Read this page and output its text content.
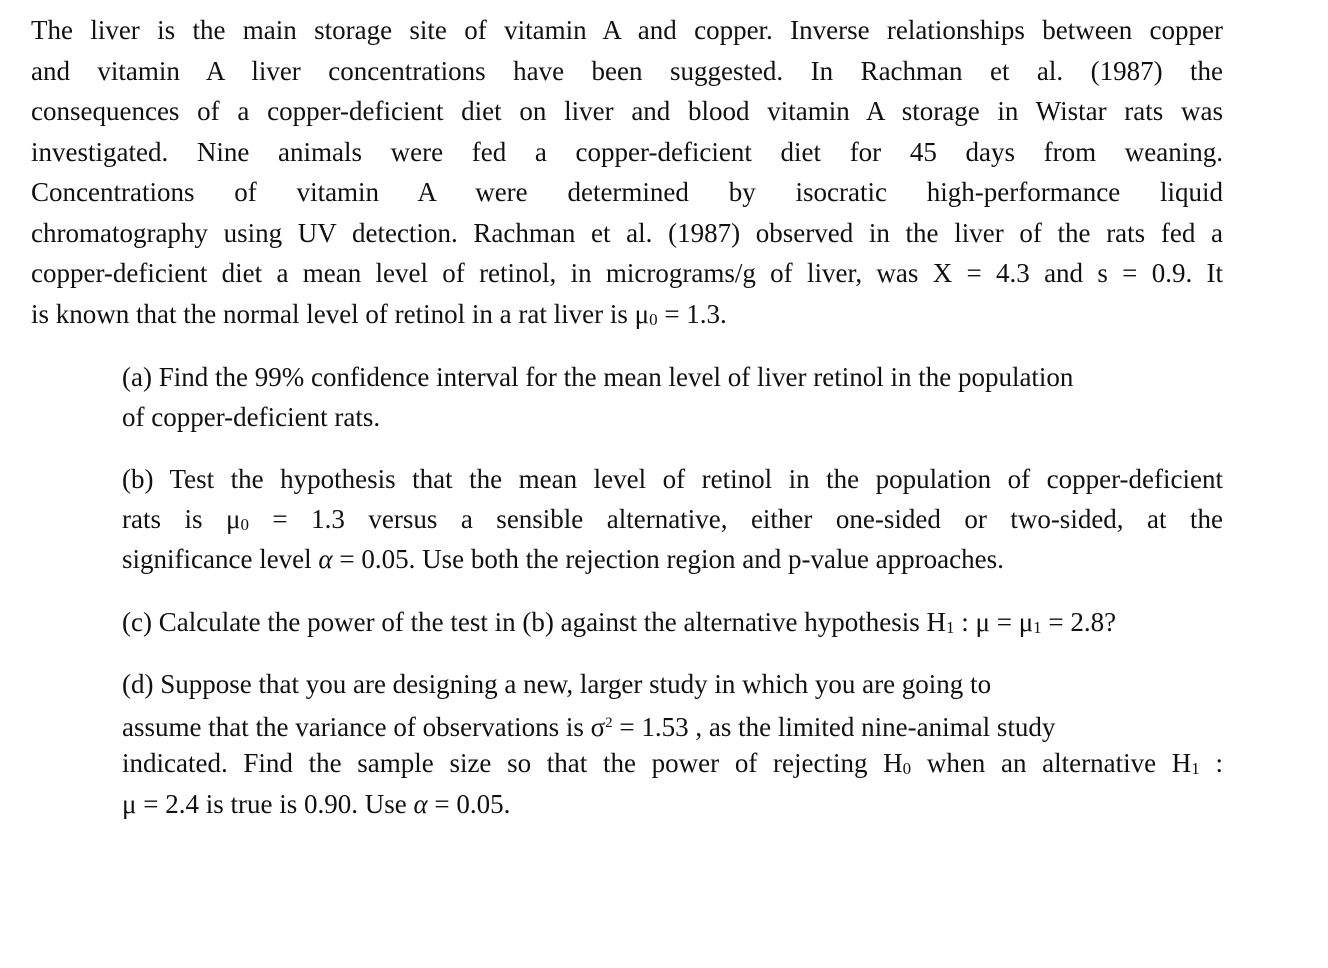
The liver is the main storage site of vitamin A and copper. Inverse relationships between copper
and vitamin A liver concentrations have been suggested. In Rachman et al. (1987) the
consequences of a copper-deficient diet on liver and blood vitamin A storage in Wistar rats was
investigated. Nine animals were fed a copper-deficient diet for 45 days from weaning.
Concentrations of vitamin A were determined by isocratic high-performance liquid
chromatography using UV detection. Rachman et al. (1987) observed in the liver of the rats fed a
copper-deficient diet a mean level of retinol, in micrograms/g of liver, was X = 4.3 and s = 0.9. It
is known that the normal level of retinol in a rat liver is μ0 = 1.3.
(a) Find the 99% confidence interval for the mean level of liver retinol in the population
of copper-deficient rats.
(b) Test the hypothesis that the mean level of retinol in the population of copper-deficient
rats is μ0 = 1.3 versus a sensible alternative, either one-sided or two-sided, at the
significance level α = 0.05. Use both the rejection region and p-value approaches.
(c) Calculate the power of the test in (b) against the alternative hypothesis H1 : μ = μ1 = 2.8?
(d) Suppose that you are designing a new, larger study in which you are going to
assume that the variance of observations is $\sigma^2 = 1.53$ , as the limited nine-animal study
indicated. Find the sample size so that the power of rejecting H0 when an alternative H1 :
μ = 2.4 is true is 0.90. Use α = 0.05.
